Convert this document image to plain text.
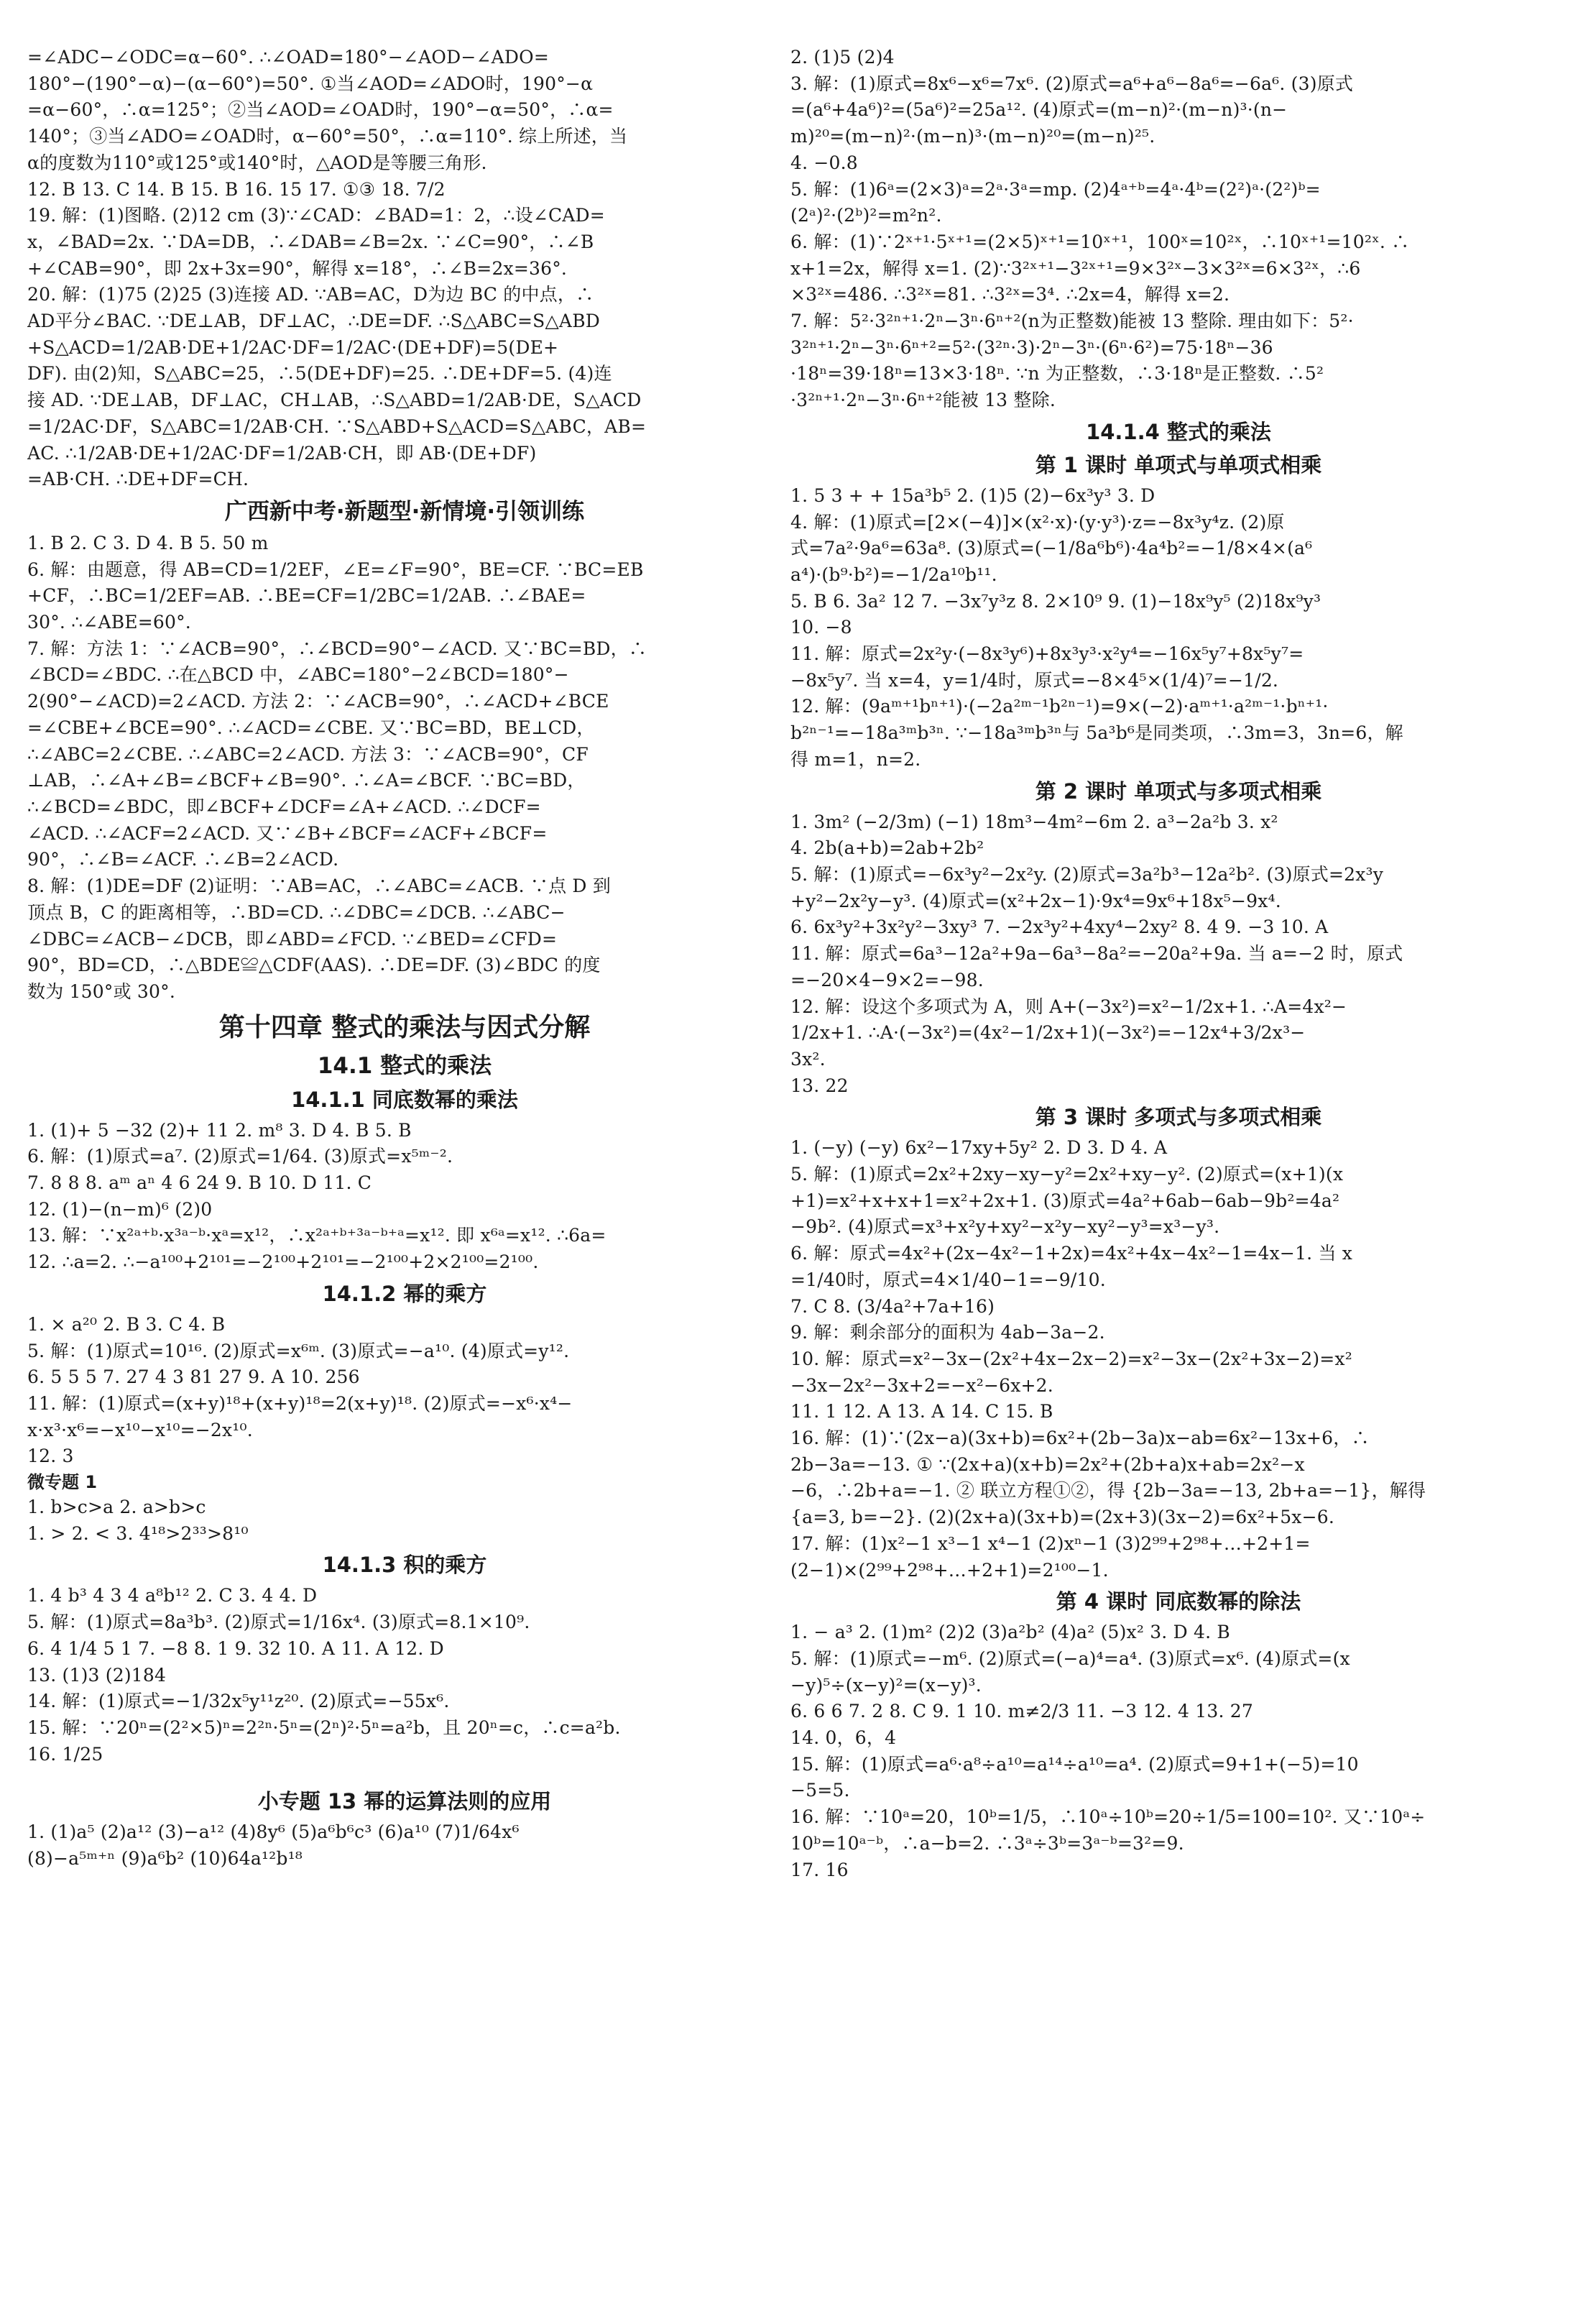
=∠ADC−∠ODC=α−60°. ∴∠OAD=180°−∠AOD−∠ADO=
180°−(190°−α)−(α−60°)=50°. ①当∠AOD=∠ADO时，190°−α
=α−60°，∴α=125°；②当∠AOD=∠OAD时，190°−α=50°，∴α=
140°；③当∠ADO=∠OAD时，α−60°=50°，∴α=110°. 综上所述，当
α的度数为110°或125°或140°时，△AOD是等腰三角形.
12. B 13. C 14. B 15. B 16. 15 17. ①③ 18. 7/2
19. 解：(1)图略. (2)12 cm (3)∵∠CAD：∠BAD=1：2，∴设∠CAD=
x，∠BAD=2x. ∵DA=DB，∴∠DAB=∠B=2x. ∵∠C=90°，∴∠B
+∠CAB=90°，即 2x+3x=90°，解得 x=18°，∴∠B=2x=36°.
20. 解：(1)75 (2)25 (3)连接 AD. ∵AB=AC，D为边 BC 的中点，∴
AD平分∠BAC. ∵DE⊥AB，DF⊥AC，∴DE=DF. ∴S△ABC=S△ABD
+S△ACD=1/2AB·DE+1/2AC·DF=1/2AC·(DE+DF)=5(DE+
DF). 由(2)知，S△ABC=25，∴5(DE+DF)=25. ∴DE+DF=5. (4)连
接 AD. ∵DE⊥AB，DF⊥AC，CH⊥AB，∴S△ABD=1/2AB·DE，S△ACD
=1/2AC·DF，S△ABC=1/2AB·CH. ∵S△ABD+S△ACD=S△ABC，AB=
AC. ∴1/2AB·DE+1/2AC·DF=1/2AB·CH，即 AB·(DE+DF)
=AB·CH. ∴DE+DF=CH.
广西新中考·新题型·新情境·引领训练
1. B 2. C 3. D 4. B 5. 50 m
6. 解：由题意，得 AB=CD=1/2EF，∠E=∠F=90°，BE=CF. ∵BC=EB
+CF，∴BC=1/2EF=AB. ∴BE=CF=1/2BC=1/2AB. ∴∠BAE=
30°. ∴∠ABE=60°.
7. 解：方法 1：∵∠ACB=90°，∴∠BCD=90°−∠ACD. 又∵BC=BD，∴
∠BCD=∠BDC. ∴在△BCD 中，∠ABC=180°−2∠BCD=180°−
2(90°−∠ACD)=2∠ACD. 方法 2：∵∠ACB=90°，∴∠ACD+∠BCE
=∠CBE+∠BCE=90°. ∴∠ACD=∠CBE. 又∵BC=BD，BE⊥CD，
∴∠ABC=2∠CBE. ∴∠ABC=2∠ACD. 方法 3：∵∠ACB=90°，CF
⊥AB，∴∠A+∠B=∠BCF+∠B=90°. ∴∠A=∠BCF. ∵BC=BD，
∴∠BCD=∠BDC，即∠BCF+∠DCF=∠A+∠ACD. ∴∠DCF=
∠ACD. ∴∠ACF=2∠ACD. 又∵∠B+∠BCF=∠ACF+∠BCF=
90°，∴∠B=∠ACF. ∴∠B=2∠ACD.
8. 解：(1)DE=DF (2)证明：∵AB=AC，∴∠ABC=∠ACB. ∵点 D 到
顶点 B，C 的距离相等，∴BD=CD. ∴∠DBC=∠DCB. ∴∠ABC−
∠DBC=∠ACB−∠DCB，即∠ABD=∠FCD. ∵∠BED=∠CFD=
90°，BD=CD，∴△BDE≌△CDF(AAS). ∴DE=DF. (3)∠BDC 的度
数为 150°或 30°.
第十四章 整式的乘法与因式分解
14.1 整式的乘法
14.1.1 同底数幂的乘法
1. (1)+ 5 −32 (2)+ 11 2. m⁸ 3. D 4. B 5. B
6. 解：(1)原式=a⁷. (2)原式=1/64. (3)原式=x⁵ᵐ⁻².
7. 8 8 8. aᵐ aⁿ 4 6 24 9. B 10. D 11. C
12. (1)−(n−m)⁶ (2)0
13. 解：∵x²ᵃ⁺ᵇ·x³ᵃ⁻ᵇ·xᵃ=x¹²，∴x²ᵃ⁺ᵇ⁺³ᵃ⁻ᵇ⁺ᵃ=x¹². 即 x⁶ᵃ=x¹². ∴6a=
12. ∴a=2. ∴−a¹⁰⁰+2¹⁰¹=−2¹⁰⁰+2¹⁰¹=−2¹⁰⁰+2×2¹⁰⁰=2¹⁰⁰.
14.1.2 幂的乘方
1. × a²⁰ 2. B 3. C 4. B
5. 解：(1)原式=10¹⁶. (2)原式=x⁶ᵐ. (3)原式=−a¹⁰. (4)原式=y¹².
6. 5 5 5 7. 27 4 3 81 27 9. A 10. 256
11. 解：(1)原式=(x+y)¹⁸+(x+y)¹⁸=2(x+y)¹⁸. (2)原式=−x⁶·x⁴−
x·x³·x⁶=−x¹⁰−x¹⁰=−2x¹⁰.
12. 3
微专题 1
1. b>c>a 2. a>b>c
1. > 2. < 3. 4¹⁸>2³³>8¹⁰
14.1.3 积的乘方
1. 4 b³ 4 3 4 a⁸b¹² 2. C 3. 4 4. D
5. 解：(1)原式=8a³b³. (2)原式=1/16x⁴. (3)原式=8.1×10⁹.
6. 4 1/4 5 1 7. −8 8. 1 9. 32 10. A 11. A 12. D
13. (1)3 (2)184
14. 解：(1)原式=−1/32x⁵y¹¹z²⁰. (2)原式=−55x⁶.
15. 解：∵20ⁿ=(2²×5)ⁿ=2²ⁿ·5ⁿ=(2ⁿ)²·5ⁿ=a²b，且 20ⁿ=c，∴c=a²b.
16. 1/25
小专题 13 幂的运算法则的应用
1. (1)a⁵ (2)a¹² (3)−a¹² (4)8y⁶ (5)a⁶b⁶c³ (6)a¹⁰ (7)1/64x⁶
(8)−a⁵ᵐ⁺ⁿ (9)a⁶b² (10)64a¹²b¹⁸
2. (1)5 (2)4
3. 解：(1)原式=8x⁶−x⁶=7x⁶. (2)原式=a⁶+a⁶−8a⁶=−6a⁶. (3)原式
=(a⁶+4a⁶)²=(5a⁶)²=25a¹². (4)原式=(m−n)²·(m−n)³·(n−
m)²⁰=(m−n)²·(m−n)³·(m−n)²⁰=(m−n)²⁵.
4. −0.8
5. 解：(1)6ᵃ=(2×3)ᵃ=2ᵃ·3ᵃ=mp. (2)4ᵃ⁺ᵇ=4ᵃ·4ᵇ=(2²)ᵃ·(2²)ᵇ=
(2ᵃ)²·(2ᵇ)²=m²n².
6. 解：(1)∵2ˣ⁺¹·5ˣ⁺¹=(2×5)ˣ⁺¹=10ˣ⁺¹，100ˣ=10²ˣ，∴10ˣ⁺¹=10²ˣ. ∴
x+1=2x，解得 x=1. (2)∵3²ˣ⁺¹−3²ˣ⁺¹=9×3²ˣ−3×3²ˣ=6×3²ˣ，∴6
×3²ˣ=486. ∴3²ˣ=81. ∴3²ˣ=3⁴. ∴2x=4，解得 x=2.
7. 解：5²·3²ⁿ⁺¹·2ⁿ−3ⁿ·6ⁿ⁺²(n为正整数)能被 13 整除. 理由如下：5²·
3²ⁿ⁺¹·2ⁿ−3ⁿ·6ⁿ⁺²=5²·(3²ⁿ·3)·2ⁿ−3ⁿ·(6ⁿ·6²)=75·18ⁿ−36
·18ⁿ=39·18ⁿ=13×3·18ⁿ. ∵n 为正整数，∴3·18ⁿ是正整数. ∴5²
·3²ⁿ⁺¹·2ⁿ−3ⁿ·6ⁿ⁺²能被 13 整除.
14.1.4 整式的乘法
第 1 课时 单项式与单项式相乘
1. 5 3 + + 15a³b⁵ 2. (1)5 (2)−6x³y³ 3. D
4. 解：(1)原式=[2×(−4)]×(x²·x)·(y·y³)·z=−8x³y⁴z. (2)原
式=7a²·9a⁶=63a⁸. (3)原式=(−1/8a⁶b⁶)·4a⁴b²=−1/8×4×(a⁶
a⁴)·(b⁹·b²)=−1/2a¹⁰b¹¹.
5. B 6. 3a² 12 7. −3x⁷y³z 8. 2×10⁹ 9. (1)−18x⁹y⁵ (2)18x⁹y³
10. −8
11. 解：原式=2x²y·(−8x³y⁶)+8x³y³·x²y⁴=−16x⁵y⁷+8x⁵y⁷=
−8x⁵y⁷. 当 x=4，y=1/4时，原式=−8×4⁵×(1/4)⁷=−1/2.
12. 解：(9aᵐ⁺¹bⁿ⁺¹)·(−2a²ᵐ⁻¹b²ⁿ⁻¹)=9×(−2)·aᵐ⁺¹·a²ᵐ⁻¹·bⁿ⁺¹·
b²ⁿ⁻¹=−18a³ᵐb³ⁿ. ∵−18a³ᵐb³ⁿ与 5a³b⁶是同类项，∴3m=3，3n=6，解
得 m=1，n=2.
第 2 课时 单项式与多项式相乘
1. 3m² (−2/3m) (−1) 18m³−4m²−6m 2. a³−2a²b 3. x²
4. 2b(a+b)=2ab+2b²
5. 解：(1)原式=−6x³y²−2x²y. (2)原式=3a²b³−12a²b². (3)原式=2x³y
+y²−2x²y−y³. (4)原式=(x²+2x−1)·9x⁴=9x⁶+18x⁵−9x⁴.
6. 6x³y²+3x²y²−3xy³ 7. −2x³y²+4xy⁴−2xy² 8. 4 9. −3 10. A
11. 解：原式=6a³−12a²+9a−6a³−8a²=−20a²+9a. 当 a=−2 时，原式
=−20×4−9×2=−98.
12. 解：设这个多项式为 A，则 A+(−3x²)=x²−1/2x+1. ∴A=4x²−
1/2x+1. ∴A·(−3x²)=(4x²−1/2x+1)(−3x²)=−12x⁴+3/2x³−
3x².
13. 22
第 3 课时 多项式与多项式相乘
1. (−y) (−y) 6x²−17xy+5y² 2. D 3. D 4. A
5. 解：(1)原式=2x²+2xy−xy−y²=2x²+xy−y². (2)原式=(x+1)(x
+1)=x²+x+x+1=x²+2x+1. (3)原式=4a²+6ab−6ab−9b²=4a²
−9b². (4)原式=x³+x²y+xy²−x²y−xy²−y³=x³−y³.
6. 解：原式=4x²+(2x−4x²−1+2x)=4x²+4x−4x²−1=4x−1. 当 x
=1/40时，原式=4×1/40−1=−9/10.
7. C 8. (3/4a²+7a+16)
9. 解：剩余部分的面积为 4ab−3a−2.
10. 解：原式=x²−3x−(2x²+4x−2x−2)=x²−3x−(2x²+3x−2)=x²
−3x−2x²−3x+2=−x²−6x+2.
11. 1 12. A 13. A 14. C 15. B
16. 解：(1)∵(2x−a)(3x+b)=6x²+(2b−3a)x−ab=6x²−13x+6，∴
2b−3a=−13. ① ∵(2x+a)(x+b)=2x²+(2b+a)x+ab=2x²−x
−6，∴2b+a=−1. ② 联立方程①②，得 {2b−3a=−13, 2b+a=−1}，解得
{a=3, b=−2}. (2)(2x+a)(3x+b)=(2x+3)(3x−2)=6x²+5x−6.
17. 解：(1)x²−1 x³−1 x⁴−1 (2)xⁿ−1 (3)2⁹⁹+2⁹⁸+…+2+1=
(2−1)×(2⁹⁹+2⁹⁸+…+2+1)=2¹⁰⁰−1.
第 4 课时 同底数幂的除法
1. − a³ 2. (1)m² (2)2 (3)a²b² (4)a² (5)x² 3. D 4. B
5. 解：(1)原式=−m⁶. (2)原式=(−a)⁴=a⁴. (3)原式=x⁶. (4)原式=(x
−y)⁵÷(x−y)²=(x−y)³.
6. 6 6 7. 2 8. C 9. 1 10. m≠2/3 11. −3 12. 4 13. 27
14. 0，6，4
15. 解：(1)原式=a⁶·a⁸÷a¹⁰=a¹⁴÷a¹⁰=a⁴. (2)原式=9+1+(−5)=10
−5=5.
16. 解：∵10ᵃ=20，10ᵇ=1/5，∴10ᵃ÷10ᵇ=20÷1/5=100=10². 又∵10ᵃ÷
10ᵇ=10ᵃ⁻ᵇ，∴a−b=2. ∴3ᵃ÷3ᵇ=3ᵃ⁻ᵇ=3²=9.
17. 16
